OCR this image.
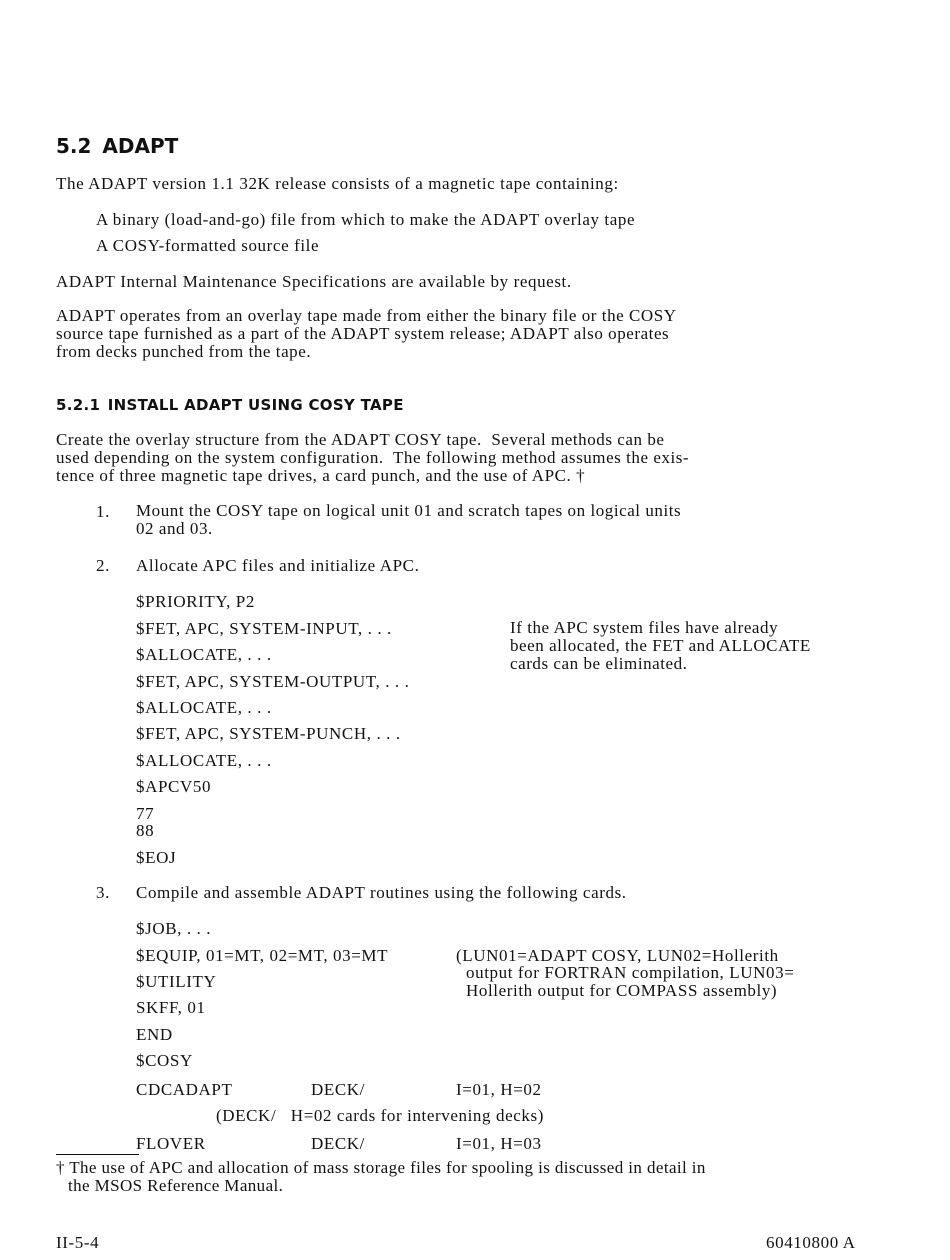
5.2 ADAPT
The ADAPT version 1.1 32K release consists of a magnetic tape containing:
A binary (load-and-go) file from which to make the ADAPT overlay tape
A COSY-formatted source file
ADAPT Internal Maintenance Specifications are available by request.
ADAPT operates from an overlay tape made from either the binary file or the COSY
source tape furnished as a part of the ADAPT system release; ADAPT also operates
from decks punched from the tape.
5.2.1 INSTALL ADAPT USING COSY TAPE
Create the overlay structure from the ADAPT COSY tape.  Several methods can be
used depending on the system configuration.  The following method assumes the exis-
tence of three magnetic tape drives, a card punch, and the use of APC. †
1. Mount the COSY tape on logical unit 01 and scratch tapes on logical units
02 and 03.
2. Allocate APC files and initialize APC.
$PRIORITY, P2
$FET, APC, SYSTEM-INPUT, . . .
$ALLOCATE, . . .
$FET, APC, SYSTEM-OUTPUT, . . .
$ALLOCATE, . . .
$FET, APC, SYSTEM-PUNCH, . . .
$ALLOCATE, . . .
$APCV50
77
88
$EOJ
If the APC system files have already
been allocated, the FET and ALLOCATE
cards can be eliminated.
3. Compile and assemble ADAPT routines using the following cards.
$JOB, . . .
$EQUIP, 01=MT, 02=MT, 03=MT
$UTILITY
SKFF, 01
END
$COSY
(LUN01=ADAPT COSY, LUN02=Hollerith
output for FORTRAN compilation, LUN03=
Hollerith output for COMPASS assembly)
CDCADAPT	DECK/	I=01, H=02
(DECK/   H=02 cards for intervening decks)
FLOVER	DECK/	I=01, H=03
† The use of APC and allocation of mass storage files for spooling is discussed in detail in
the MSOS Reference Manual.
II-5-4	60410800 A
